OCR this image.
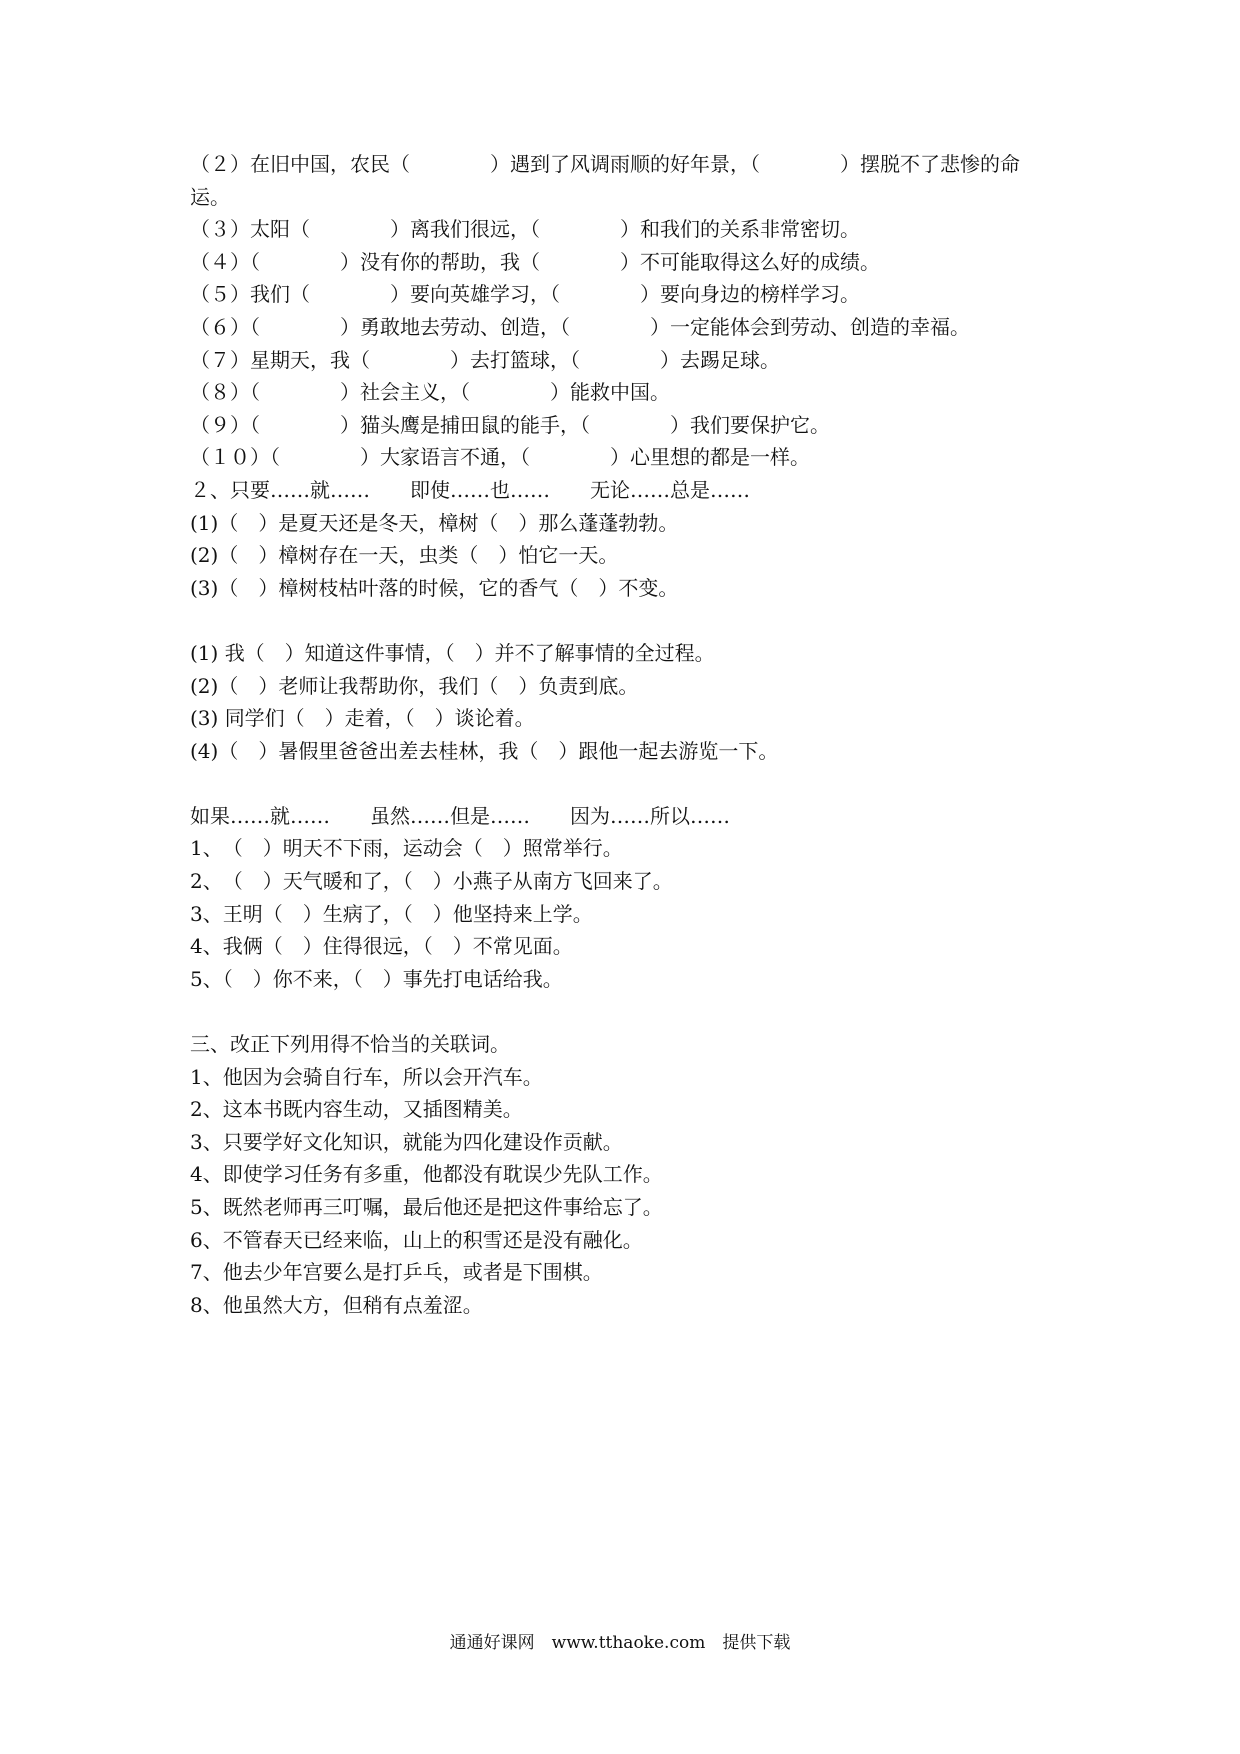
（２）在旧中国，农民（　　　　）遇到了风调雨顺的好年景，（　　　　）摆脱不了悲惨的命
运。
（３）太阳（　　　　）离我们很远，（　　　　）和我们的关系非常密切。
（４）（　　　　）没有你的帮助，我（　　　　）不可能取得这么好的成绩。
（５）我们（　　　　）要向英雄学习，（　　　　）要向身边的榜样学习。
（６）（　　　　）勇敢地去劳动、创造，（　　　　）一定能体会到劳动、创造的幸福。
（７）星期天，我（　　　　）去打篮球，（　　　　）去踢足球。
（８）（　　　　）社会主义，（　　　　）能救中国。
（９）（　　　　）猫头鹰是捕田鼠的能手，（　　　　）我们要保护它。
（１０）（　　　　）大家语言不通，（　　　　）心里想的都是一样。
２、只要……就……　　即使……也……　　无论……总是……
(1)（　）是夏天还是冬天，樟树（　）那么蓬蓬勃勃。
(2)（　）樟树存在一天，虫类（　）怕它一天。
(3)（　）樟树枝枯叶落的时候，它的香气（　）不变。
(1) 我（　）知道这件事情，（　）并不了解事情的全过程。
(2)（　）老师让我帮助你，我们（　）负责到底。
(3) 同学们（　）走着，（　）谈论着。
(4)（　）暑假里爸爸出差去桂林，我（　）跟他一起去游览一下。
如果……就……　　虽然……但是……　　因为……所以……
1、　（　）明天不下雨，运动会（　）照常举行。
2、　（　）天气暖和了，（　）小燕子从南方飞回来了。
3、王明（　）生病了，（　）他坚持来上学。
4、我俩（　）住得很远，（　）不常见面。
5、（　）你不来，（　）事先打电话给我。
三、改正下列用得不恰当的关联词。
1、他因为会骑自行车，所以会开汽车。
2、这本书既内容生动，又插图精美。
3、只要学好文化知识，就能为四化建设作贡献。
4、即使学习任务有多重，他都没有耽误少先队工作。
5、既然老师再三叮嘱，最后他还是把这件事给忘了。
6、不管春天已经来临，山上的积雪还是没有融化。
7、他去少年宫要么是打乒乓，或者是下围棋。
8、他虽然大方，但稍有点羞涩。
通通好课网　www.tthaoke.com　提供下载
